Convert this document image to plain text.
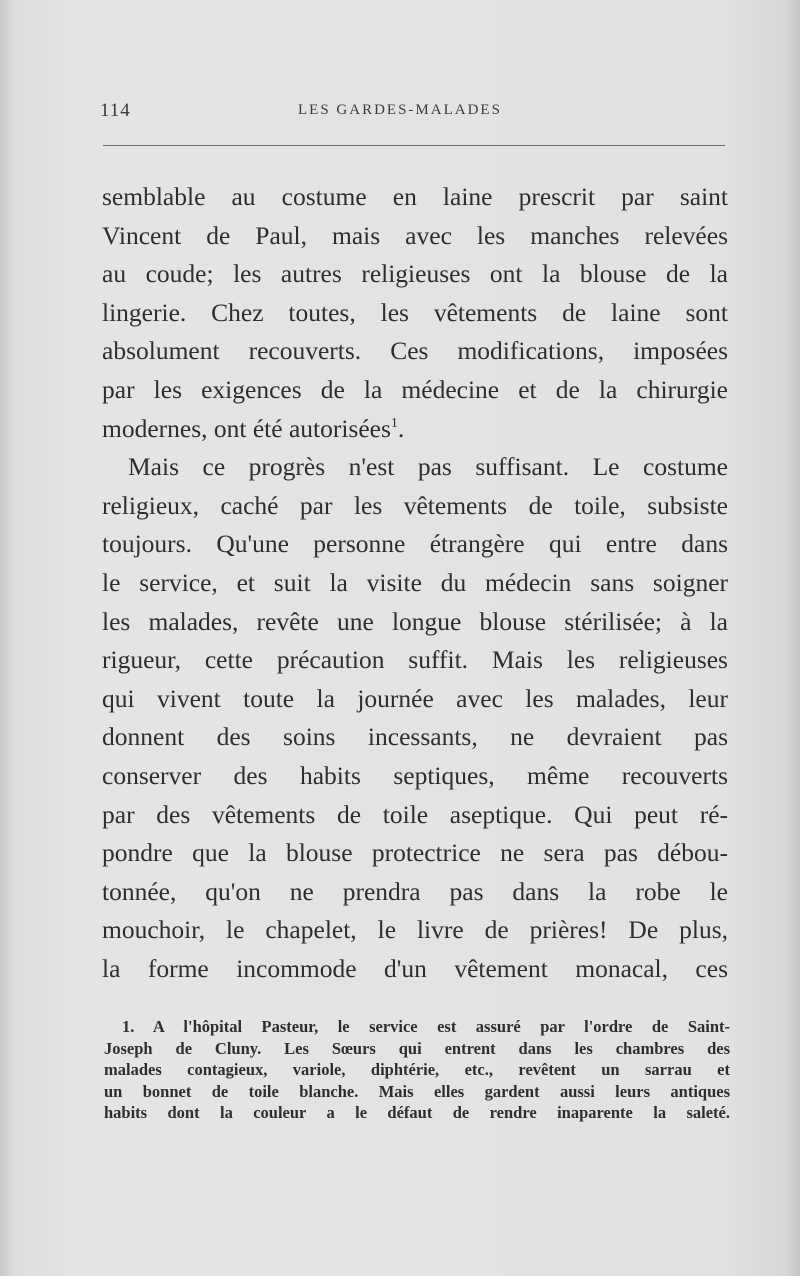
114	LES GARDES-MALADES
semblable au costume en laine prescrit par saint
Vincent de Paul, mais avec les manches relevées
au coude; les autres religieuses ont la blouse de la
lingerie. Chez toutes, les vêtements de laine sont
absolument recouverts. Ces modifications, imposées
par les exigences de la médecine et de la chirurgie
modernes, ont été autorisées$^1$.
Mais ce progrès n'est pas suffisant. Le costume
religieux, caché par les vêtements de toile, subsiste
toujours. Qu'une personne étrangère qui entre dans
le service, et suit la visite du médecin sans soigner
les malades, revête une longue blouse stérilisée; à la
rigueur, cette précaution suffit. Mais les religieuses
qui vivent toute la journée avec les malades, leur
donnent des soins incessants, ne devraient pas
conserver des habits septiques, même recouverts
par des vêtements de toile aseptique. Qui peut ré-
pondre que la blouse protectrice ne sera pas débou-
tonnée, qu'on ne prendra pas dans la robe le
mouchoir, le chapelet, le livre de prières! De plus,
la forme incommode d'un vêtement monacal, ces
1. A l'hôpital Pasteur, le service est assuré par l'ordre de Saint-
Joseph de Cluny. Les Sœurs qui entrent dans les chambres des
malades contagieux, variole, diphtérie, etc., revêtent un sarrau et
un bonnet de toile blanche. Mais elles gardent aussi leurs antiques
habits dont la couleur a le défaut de rendre inaparente la saleté.
